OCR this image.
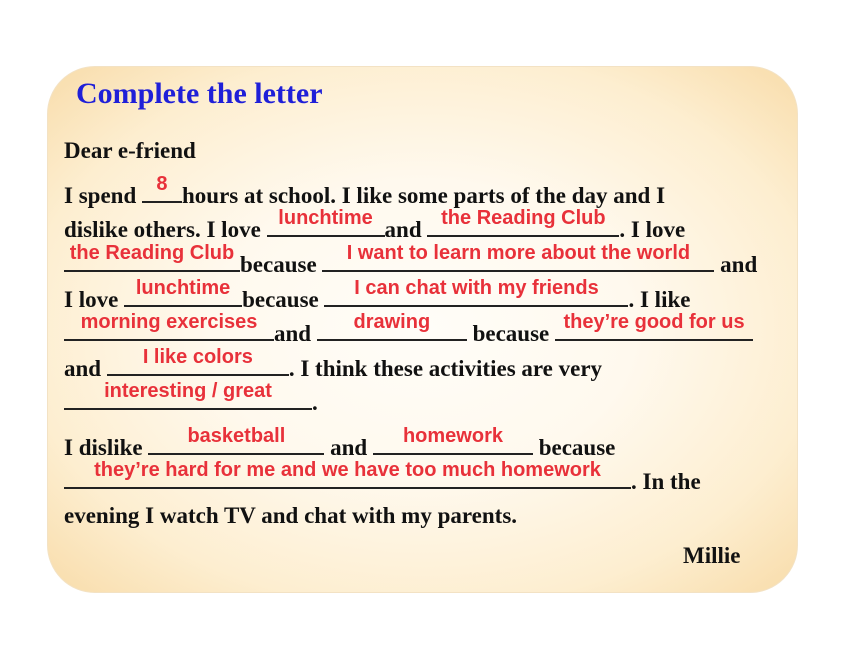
Complete the letter
Dear e-friend
I spend 8 hours at school. I like some parts of the day and I
dislike others. I love lunchtime and the Reading Club . I love
the Reading Club because	I want to learn more about the world	and
I love lunchtime because	I can chat with my friends	. I like
morning exercises and	drawing	because they’re good for us
and	I like colors	. I think these activities are very
interesting / great	.
I dislike	basketball	and	homework	because
they’re hard for me and we have too much homework	. In the
evening I watch TV and chat with my parents.
Millie
